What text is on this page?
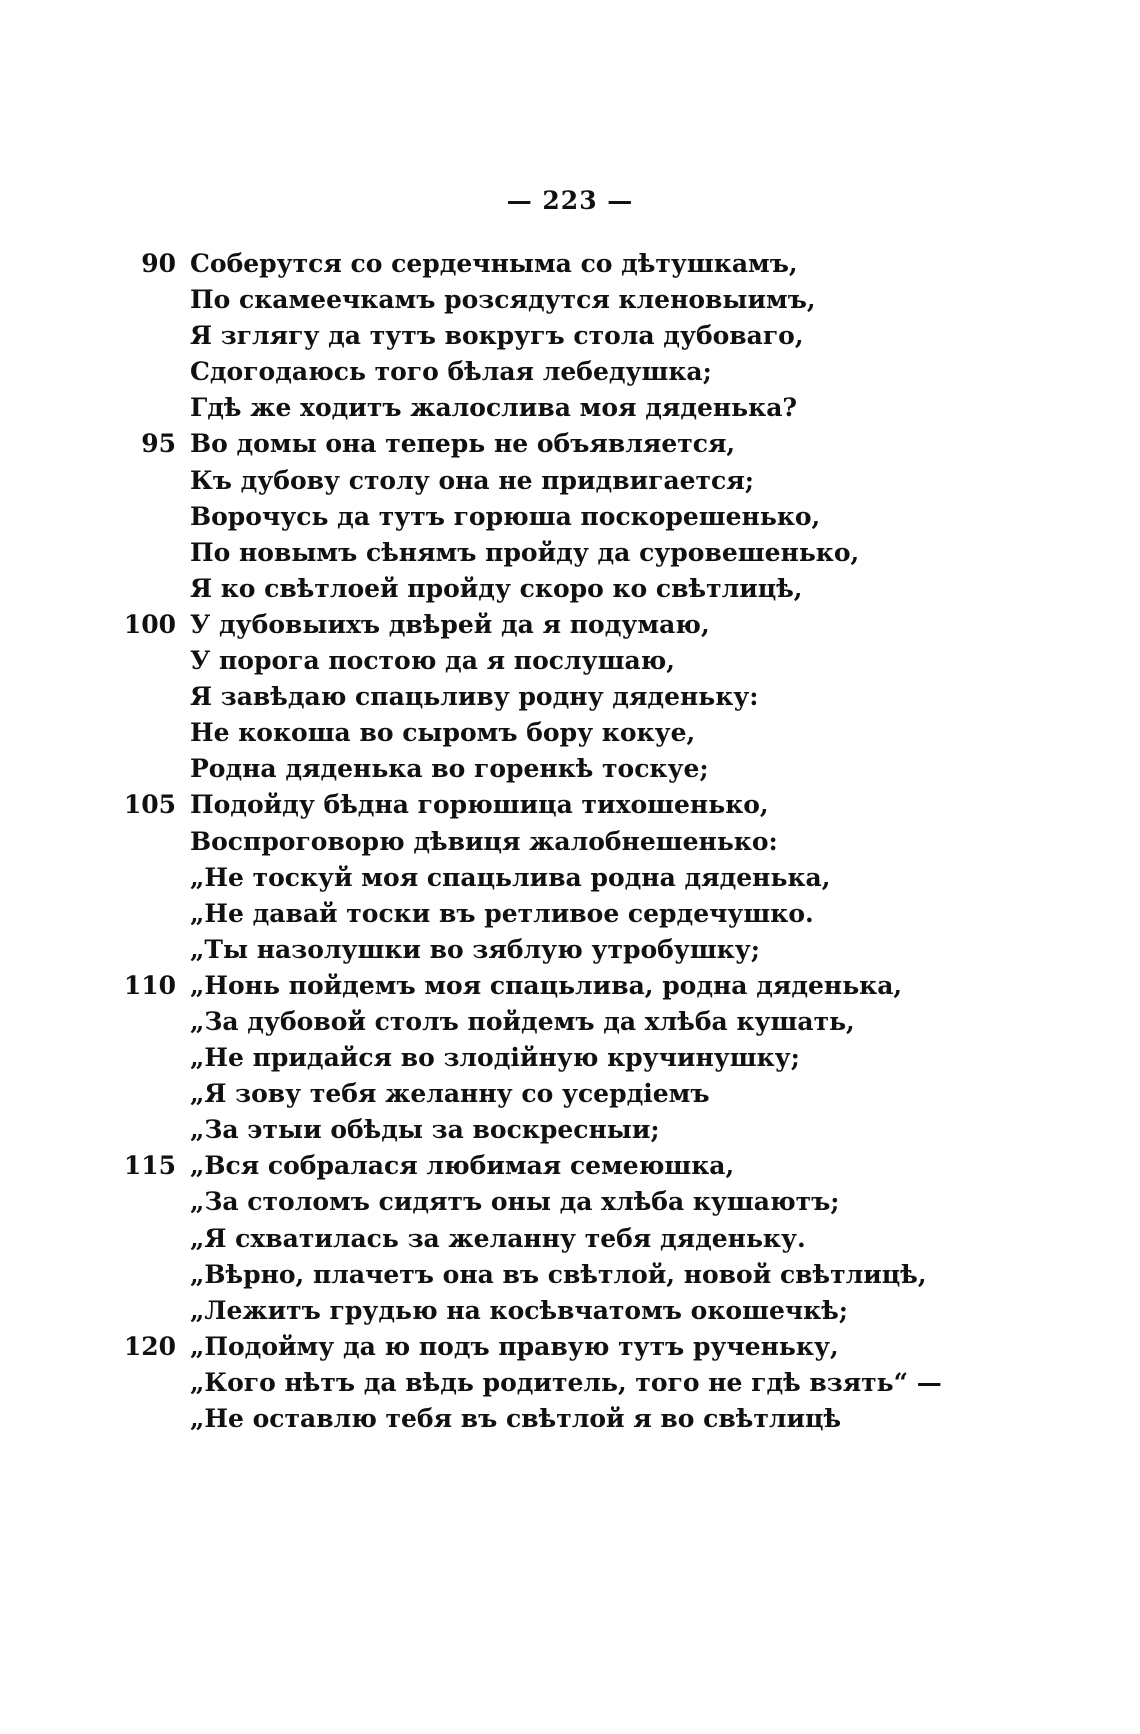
— 223 —
90 Соберутся со сердечныма со дѣтушкамъ,
По скамеечкамъ розсядутся кленовыимъ,
Я зглягу да тутъ вокругъ стола дубоваго,
Сдогодаюсь того бѣлая лебедушка;
Гдѣ же ходитъ жалослива моя дяденька?
95 Во домы она теперь не объявляется,
Къ дубову столу она не придвигается;
Ворочусь да тутъ горюша поскорешенько,
По новымъ сѣнямъ пройду да суровешенько,
Я ко свѣтлоей пройду скоро ко свѣтлицѣ,
100 У дубовыихъ двѣрей да я подумаю,
У порога постою да я послушаю,
Я завѣдаю спацьливу родну дяденьку:
Не кокоша во сыромъ бору кокуе,
Родна дяденька во горенкѣ тоскуе;
105 Подойду бѣдна горюшица тихошенько,
Воспроговорю дѣвиця жалобнешенько:
„Не тоскуй моя спацьлива родна дяденька,
„Не давай тоски въ ретливое сердечушко.
„Ты назолушки во зяблую утробушку;
110 „Нонь пойдемъ моя спацьлива, родна дяденька,
„За дубовой столъ пойдемъ да хлѣба кушать,
„Не придайся во злодійную кручинушку;
„Я зову тебя желанну со усердіемъ
„За этыи обѣды за воскресныи;
115 „Вся собралася любимая семеюшка,
„За столомъ сидятъ оны да хлѣба кушаютъ;
„Я схватилась за желанну тебя дяденьку.
„Вѣрно, плачетъ она въ свѣтлой, новой свѣтлицѣ,
„Лежитъ грудью на косѣвчатомъ окошечкѣ;
120 „Подойму да ю подъ правую тутъ рученьку,
„Кого нѣтъ да вѣдь родитель, того не гдѣ взять“ —
„Не оставлю тебя въ свѣтлой я во свѣтлицѣ
